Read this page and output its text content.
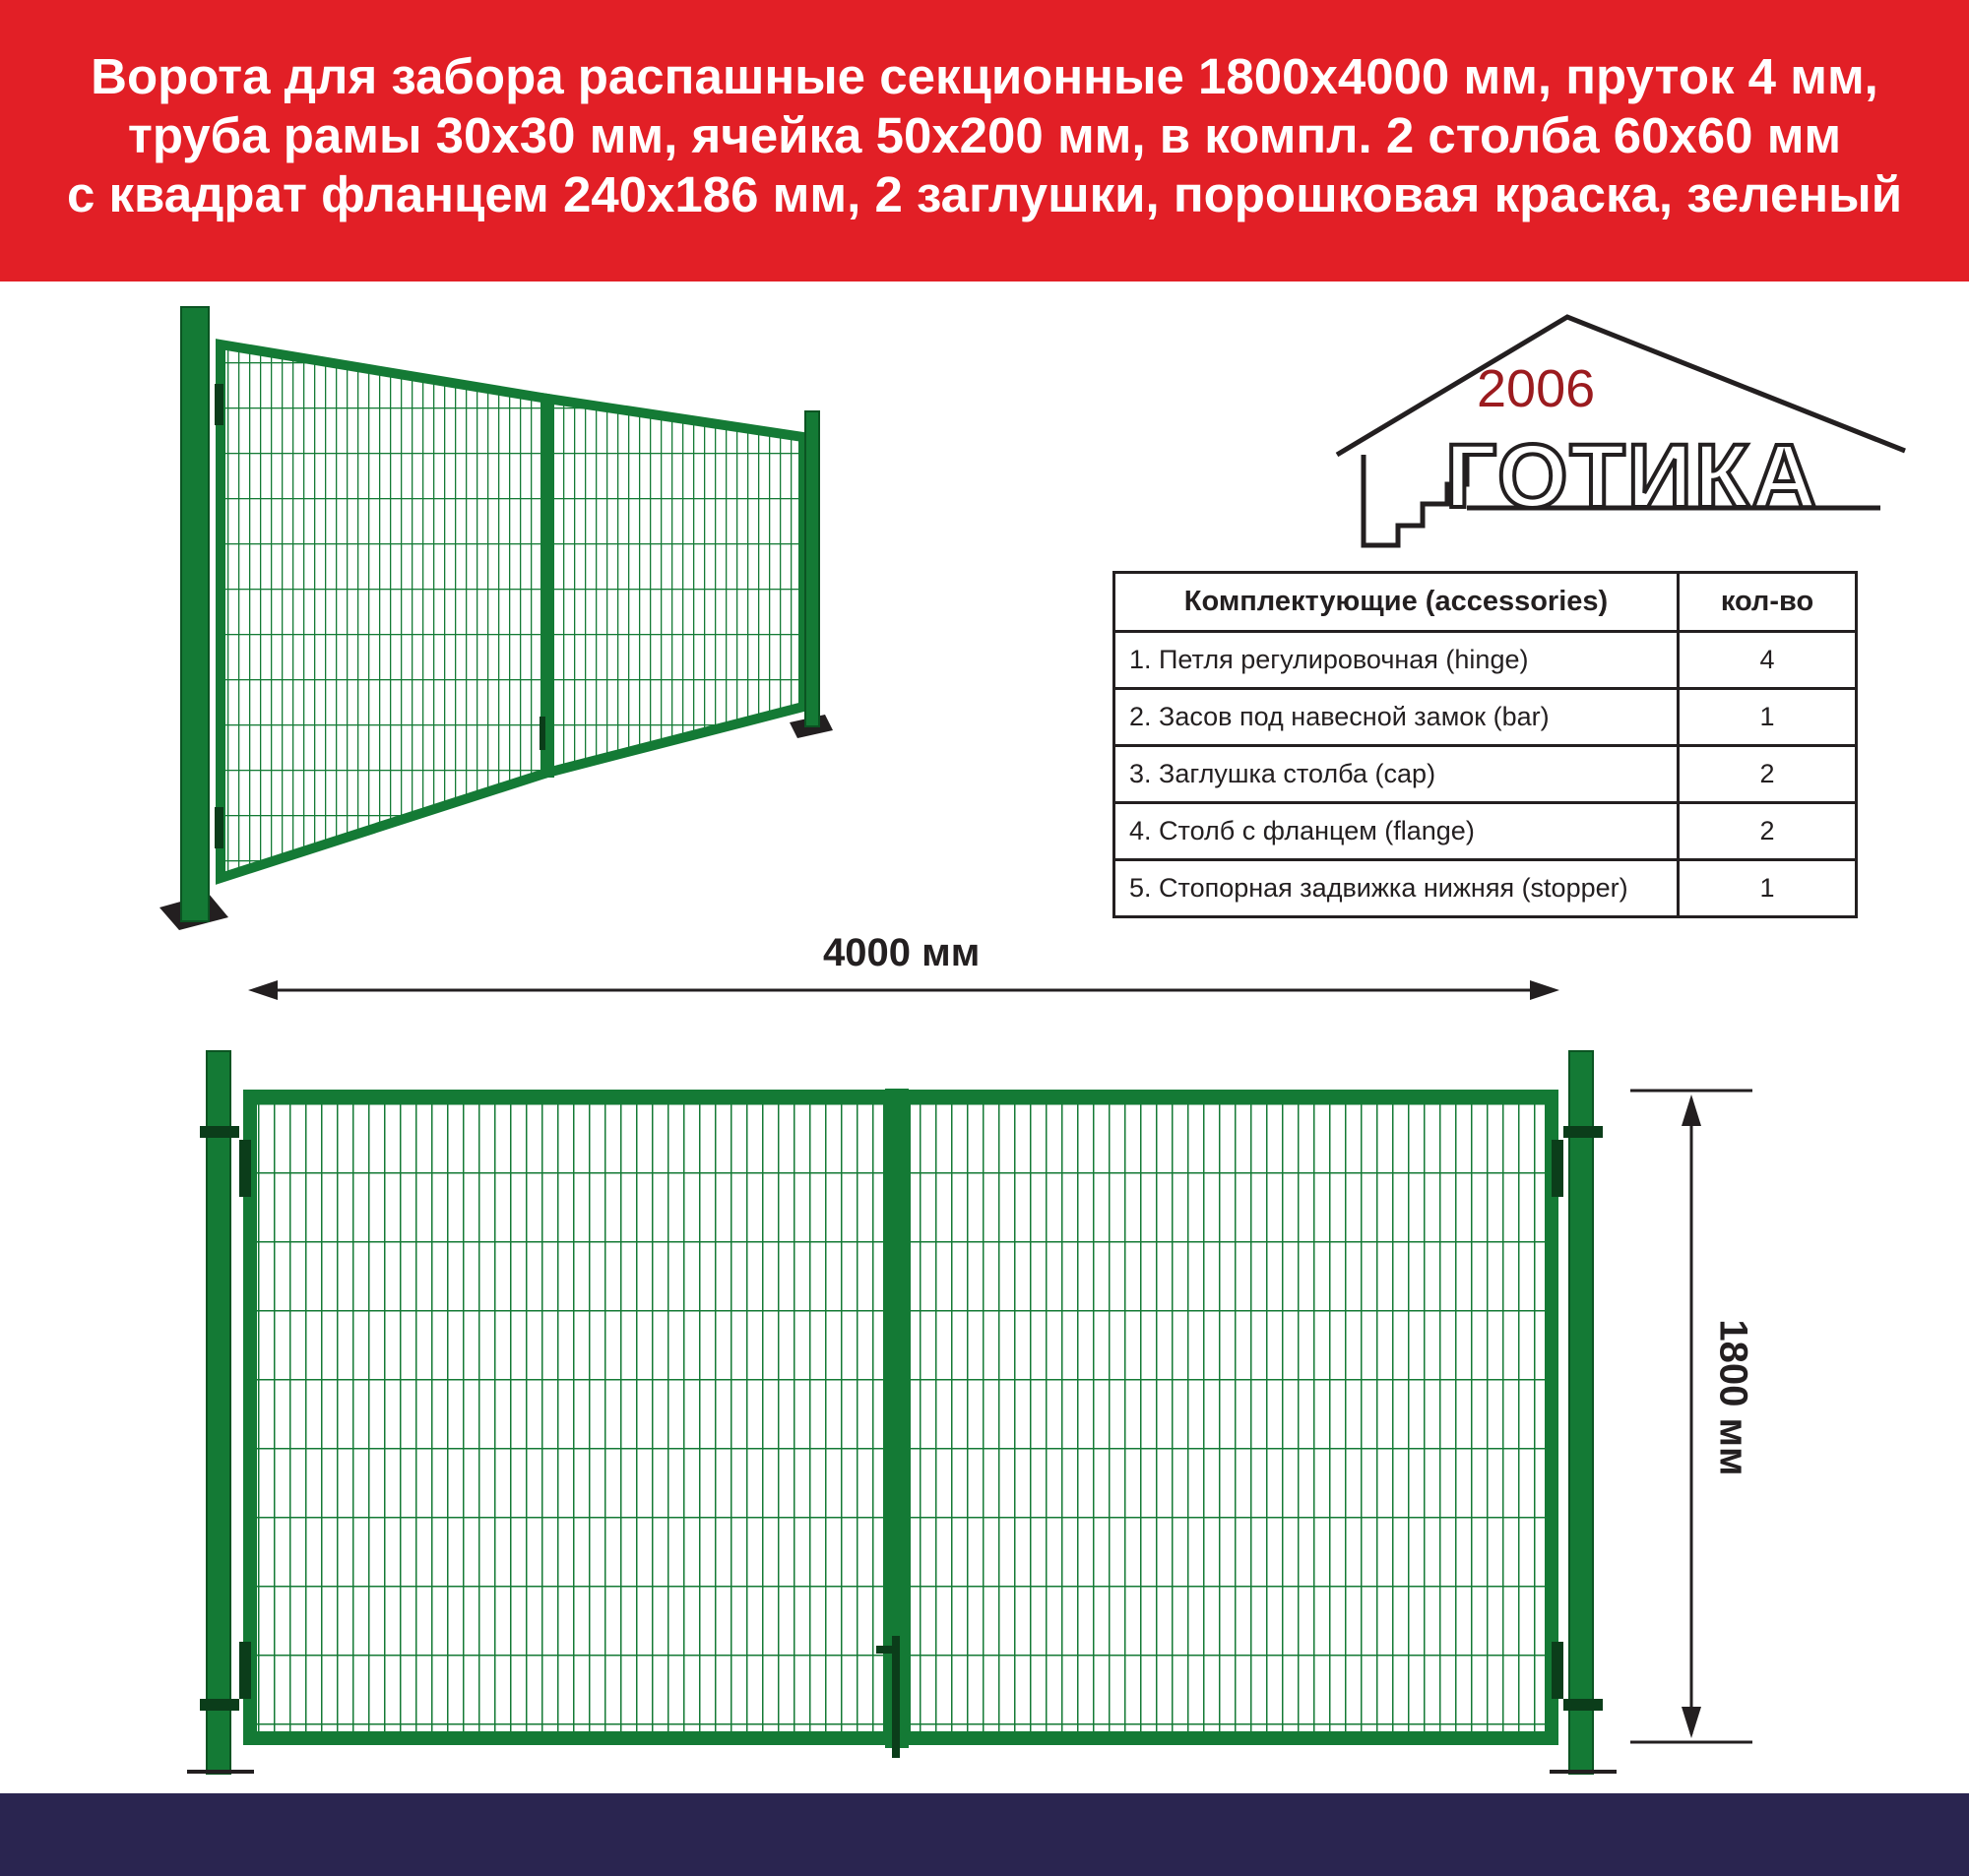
Ворота для забора распашные секционные 1800х4000 мм, пруток 4 мм,
труба рамы 30х30 мм, ячейка 50х200 мм, в компл. 2 столба 60х60 мм
с квадрат фланцем 240х186 мм, 2 заглушки, порошковая краска, зеленый
2006
ГОТИКА
Комплектующие (accessories)	кол-во
1. Петля регулировочная (hinge)	4
2. Засов под навесной замок (bar)	1
3. Заглушка столба (cap)	2
4. Столб с фланцем (flange)	2
5. Стопорная задвижка нижняя (stopper)	1
4000 мм
1800 мм
